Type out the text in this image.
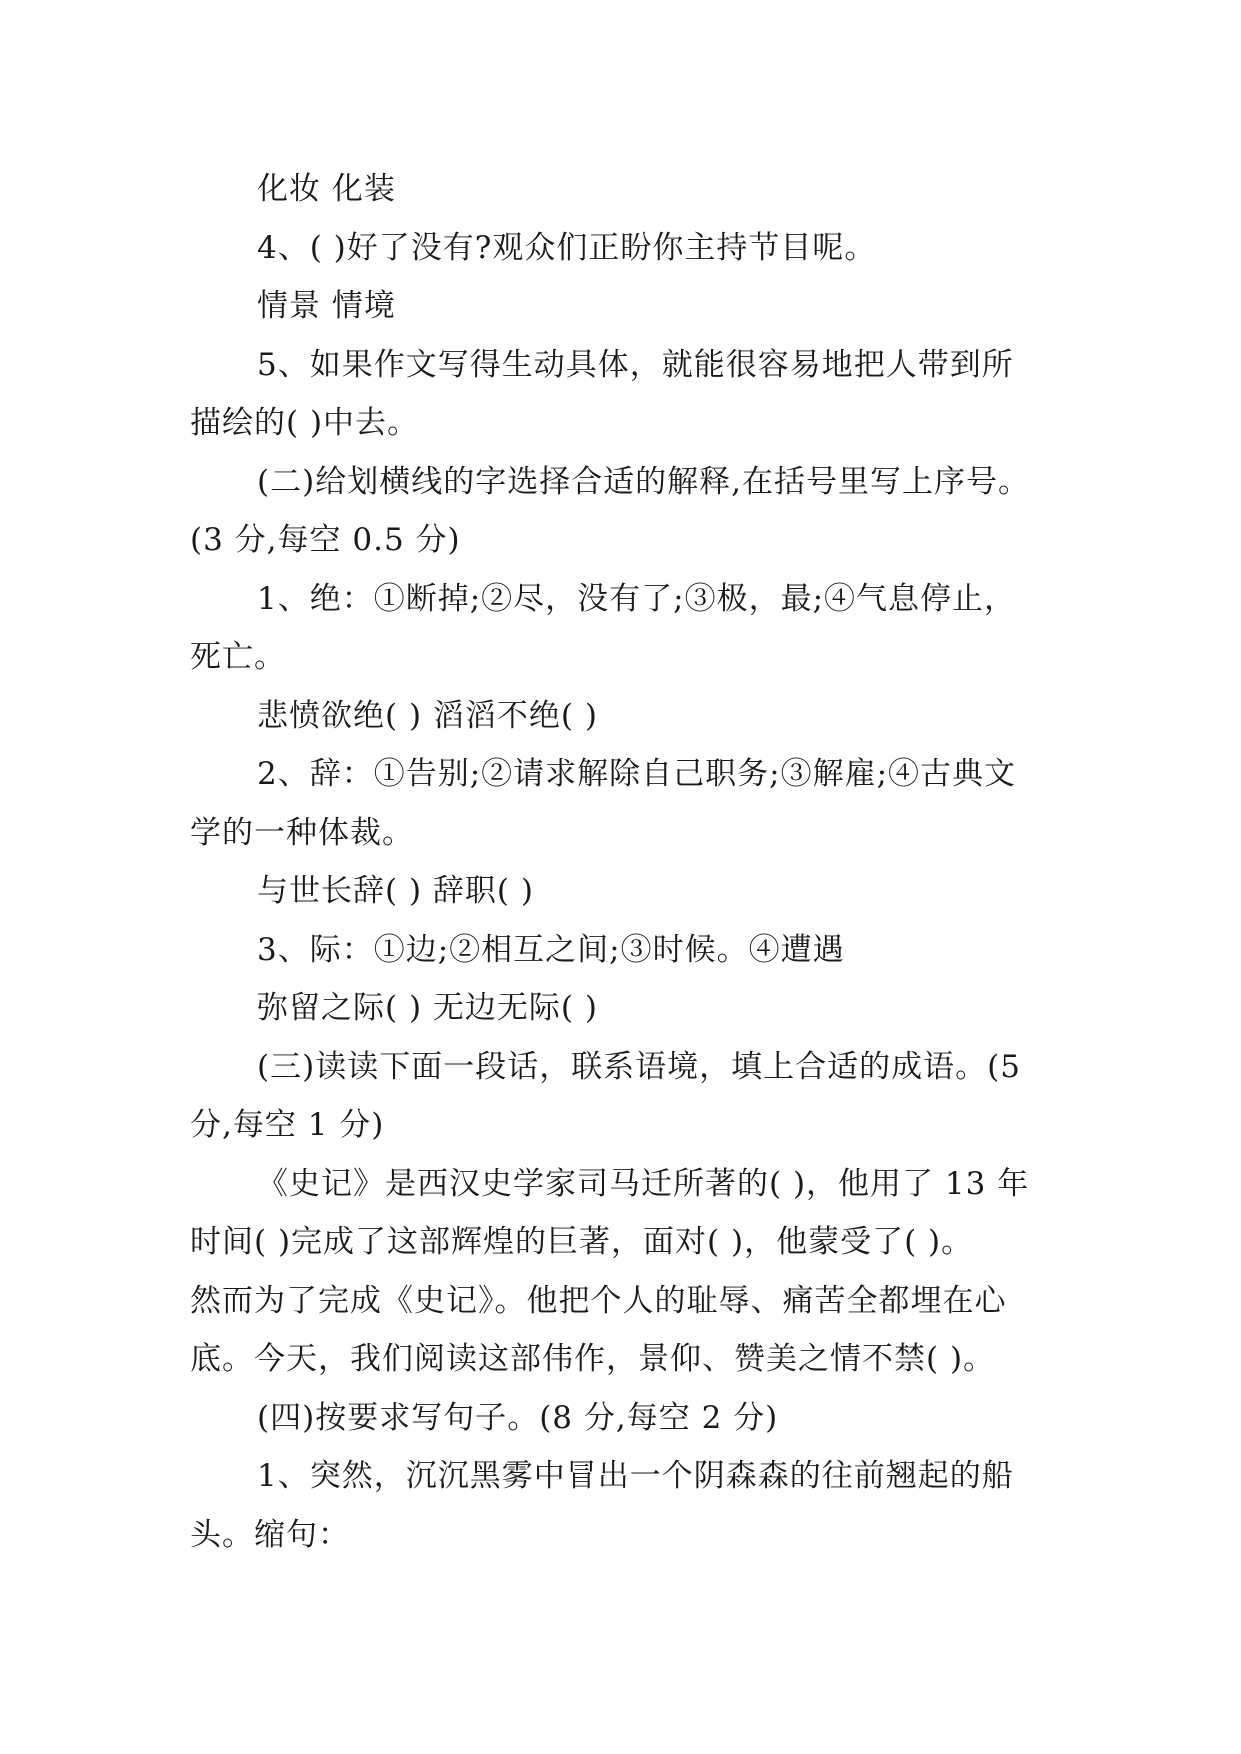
化妆 化装
4、( )好了没有?观众们正盼你主持节目呢。
情景 情境
5、如果作文写得生动具体，就能很容易地把人带到所
描绘的( )中去。
(二)给划横线的字选择合适的解释,在括号里写上序号。
(3 分,每空 0.5 分)
1、绝：①断掉;②尽，没有了;③极，最;④气息停止，
死亡。
悲愤欲绝( ) 滔滔不绝( )
2、辞：①告别;②请求解除自己职务;③解雇;④古典文
学的一种体裁。
与世长辞( ) 辞职( )
3、际：①边;②相互之间;③时候。④遭遇
弥留之际( ) 无边无际( )
(三)读读下面一段话，联系语境，填上合适的成语。(5
分,每空 1 分)
《史记》是西汉史学家司马迁所著的( )，他用了 13 年
时间( )完成了这部辉煌的巨著，面对( )，他蒙受了( )。
然而为了完成《史记》。他把个人的耻辱、痛苦全都埋在心
底。今天，我们阅读这部伟作，景仰、赞美之情不禁( )。
(四)按要求写句子。(8 分,每空 2 分)
1、突然，沉沉黑雾中冒出一个阴森森的往前翘起的船
头。缩句：
